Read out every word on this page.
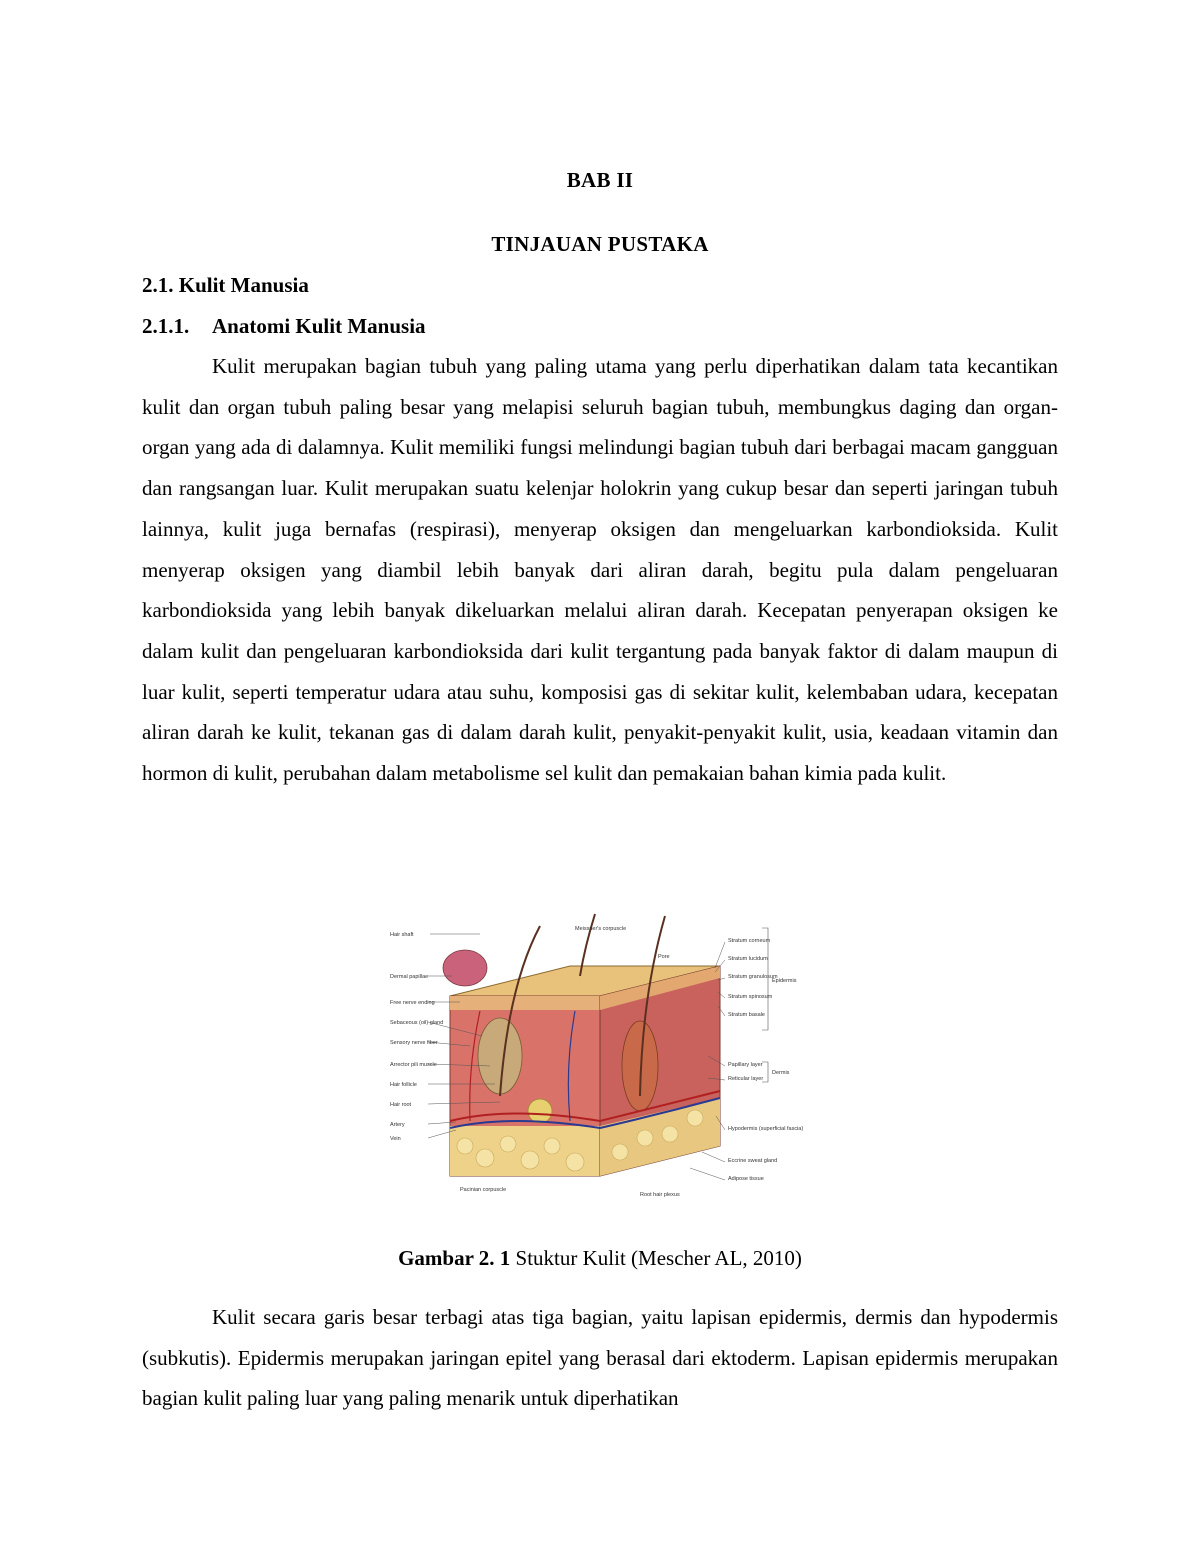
BAB II
TINJAUAN PUSTAKA
2.1. Kulit Manusia
2.1.1. Anatomi Kulit Manusia

Kulit merupakan bagian tubuh yang paling utama yang perlu diperhatikan dalam tata kecantikan kulit dan organ tubuh paling besar yang melapisi seluruh bagian tubuh, membungkus daging dan organ-organ yang ada di dalamnya. Kulit memiliki fungsi melindungi bagian tubuh dari berbagai macam gangguan dan rangsangan luar. Kulit merupakan suatu kelenjar holokrin yang cukup besar dan seperti jaringan tubuh lainnya, kulit juga bernafas (respirasi), menyerap oksigen dan mengeluarkan karbondioksida. Kulit menyerap oksigen yang diambil lebih banyak dari aliran darah, begitu pula dalam pengeluaran karbondioksida yang lebih banyak dikeluarkan melalui aliran darah. Kecepatan penyerapan oksigen ke dalam kulit dan pengeluaran karbondioksida dari kulit tergantung pada banyak faktor di dalam maupun di luar kulit, seperti temperatur udara atau suhu, komposisi gas di sekitar kulit, kelembaban udara, kecepatan aliran darah ke kulit, tekanan gas di dalam darah kulit, penyakit-penyakit kulit, usia, keadaan vitamin dan hormon di kulit, perubahan dalam metabolisme sel kulit dan pemakaian bahan kimia pada kulit.

Hair shaft
Dermal papillae
Free nerve ending
Sebaceous (oil) gland
Sensory nerve fiber
Arrector pili muscle
Hair follicle
Hair root
Artery
Vein
Meissner's corpuscle
Pore
Stratum corneum
Stratum lucidum
Stratum granulosum
Stratum spinosum
Stratum basale
Papillary layer
Reticular layer
Hypodermis (superficial fascia)
Eccrine sweat gland
Adipose tissue
Epidermis
Dermis
Pacinian corpuscle
Root hair plexus
Gambar 2. 1 Stuktur Kulit (Mescher AL, 2010)

Kulit secara garis besar terbagi atas tiga bagian, yaitu lapisan epidermis, dermis dan hypodermis (subkutis). Epidermis merupakan jaringan epitel yang berasal dari ektoderm. Lapisan epidermis merupakan bagian kulit paling luar yang paling menarik untuk diperhatikan
